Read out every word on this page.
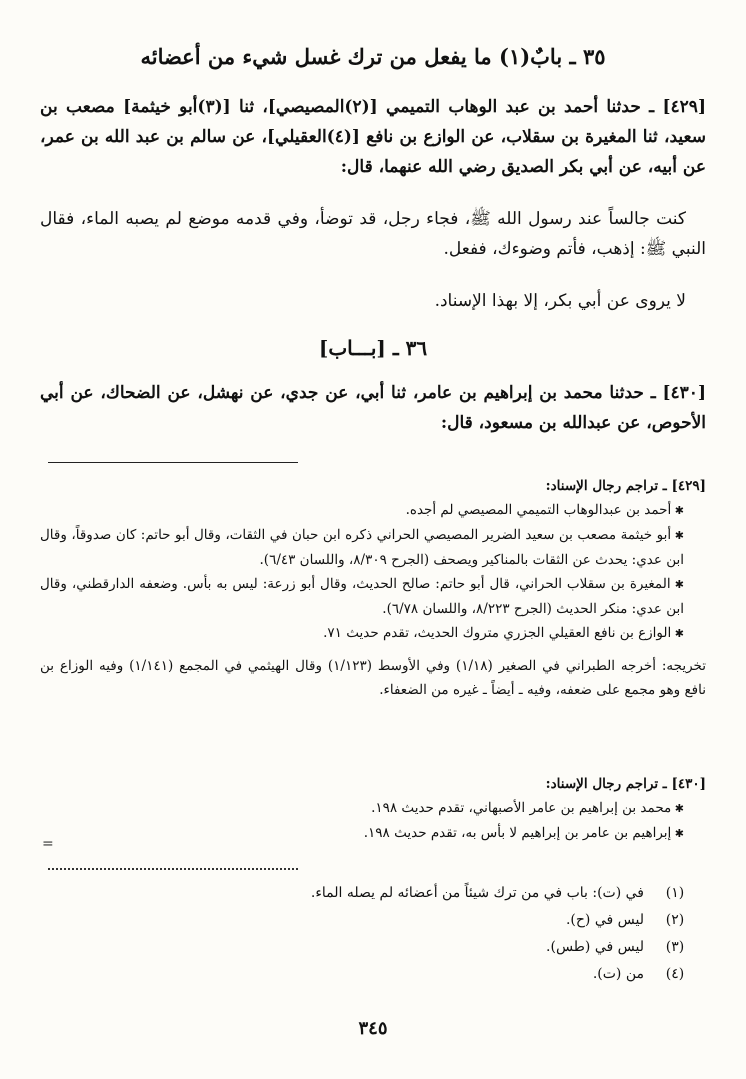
٣٥ ـ بابٌ(١) ما يفعل من ترك غسل شيء من أعضائه
[٤٢٩] ـ حدثنا أحمد بن عبد الوهاب التميمي [(٢)المصيصي]، ثنا [(٣)أبو خيثمة] مصعب بن سعيد، ثنا المغيرة بن سقلاب، عن الوازع بن نافع [(٤)العقيلي]، عن سالم بن عبد الله بن عمر، عن أبيه، عن أبي بكر الصديق رضي الله عنهما، قال:
كنت جالساً عند رسول الله ﷺ، فجاء رجل، قد توضأ، وفي قدمه موضع لم يصبه الماء، فقال النبي ﷺ: إذهب، فأتم وضوءك، ففعل.
لا يروى عن أبي بكر، إلا بهذا الإسناد.
٣٦ ـ [بـــاب]
[٤٣٠] ـ حدثنا محمد بن إبراهيم بن عامر، ثنا أبي، عن جدي، عن نهشل، عن الضحاك، عن أبي الأحوص، عن عبدالله بن مسعود، قال:

[٤٢٩] ـ تراجم رجال الإسناد:

✱ أحمد بن عبدالوهاب التميمي المصيصي لم أجده.

✱ أبو خيثمة مصعب بن سعيد الضرير المصيصي الحراني ذكره ابن حبان في الثقات، وقال أبو حاتم: كان صدوقاً، وقال ابن عدي: يحدث عن الثقات بالمناكير ويصحف (الجرح ٨/٣٠٩، واللسان ٦/٤٣).

✱ المغيرة بن سقلاب الحراني، قال أبو حاتم: صالح الحديث، وقال أبو زرعة: ليس به بأس. وضعفه الدارقطني، وقال ابن عدي: منكر الحديث (الجرح ٨/٢٢٣، واللسان ٦/٧٨).

✱ الوازع بن نافع العقيلي الجزري متروك الحديث، تقدم حديث ٧١.

تخريجه: أخرجه الطبراني في الصغير (١/١٨) وفي الأوسط (١/١٢٣) وقال الهيثمي في المجمع (١/١٤١) وفيه الوزاع بن نافع وهو مجمع على ضعفه، وفيه ـ أيضاً ـ غيره من الضعفاء.

[٤٣٠] ـ تراجم رجال الإسناد:

✱ محمد بن إبراهيم بن عامر الأصبهاني، تقدم حديث ١٩٨.

✱ إبراهيم بن عامر بن إبراهيم لا بأس به، تقدم حديث ١٩٨.

(١)
في (ت): باب في من ترك شيئاً من أعضائه لم يصله الماء.
(٢)
ليس في (ح).
(٣)
ليس في (طس).
(٤)
من (ت).
٣٤٥
=
